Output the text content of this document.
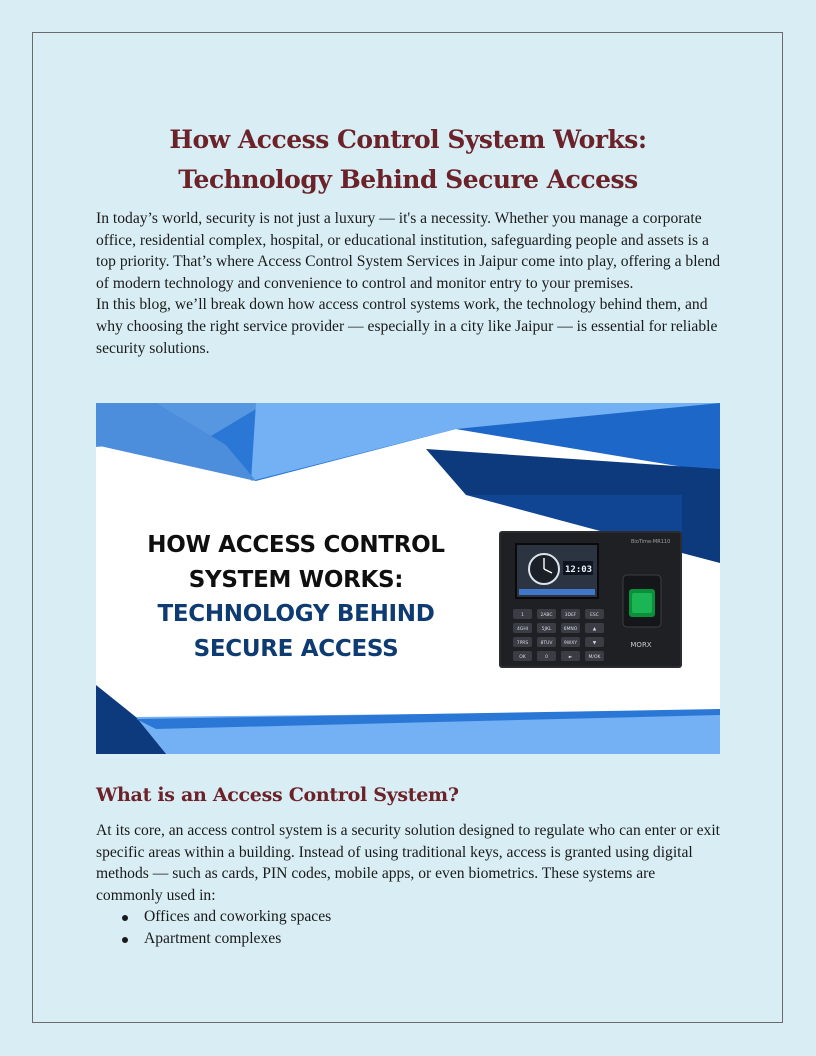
How Access Control System Works: Technology Behind Secure Access

In today’s world, security is not just a luxury — it's a necessity. Whether you manage a corporate office, residential complex, hospital, or educational institution, safeguarding people and assets is a top priority. That’s where Access Control System Services in Jaipur come into play, offering a blend of modern technology and convenience to control and monitor entry to your premises.

In this blog, we’ll break down how access control systems work, the technology behind them, and why choosing the right service provider — especially in a city like Jaipur — is essential for reliable security solutions.

HOW ACCESS CONTROL
SYSTEM WORKS:
TECHNOLOGY BEHIND
SECURE ACCESS
BioTime-MR110
12:03
MORX
1	2ABC	3DEF	ESC
4GHI	5JKL	6MNO	▲
7PRS	8TUV	9WXY	▼
OK	0	►	M/OK
What is an Access Control System?

At its core, an access control system is a security solution designed to regulate who can enter or exit specific areas within a building. Instead of using traditional keys, access is granted using digital methods — such as cards, PIN codes, mobile apps, or even biometrics. These systems are commonly used in:

Offices and coworking spaces
Apartment complexes
